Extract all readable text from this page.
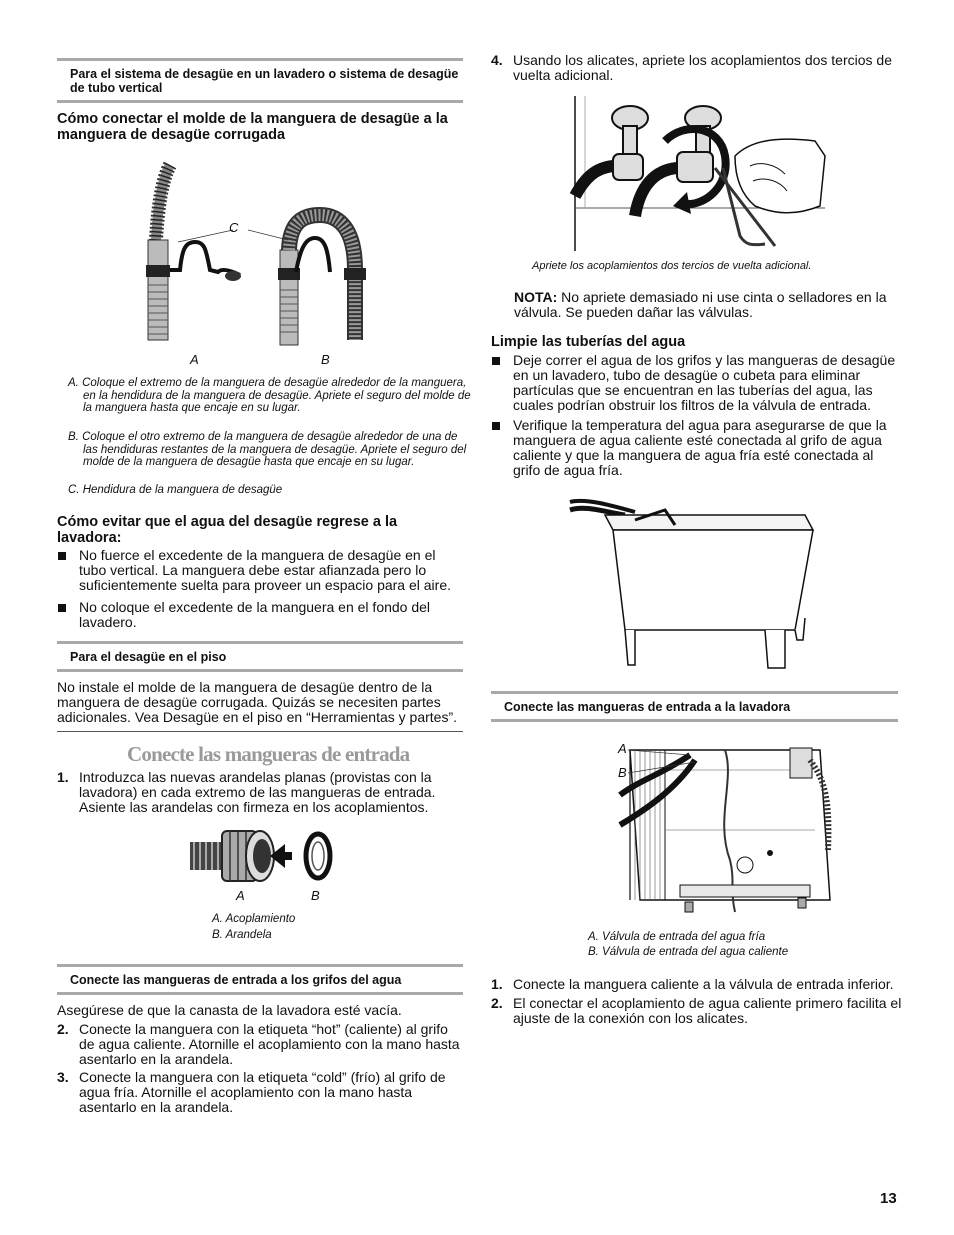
Para el sistema de desagüe en un lavadero o sistema de desagüe de tubo vertical
Cómo conectar el molde de la manguera de desagüe a la manguera de desagüe corrugada
C
A	B
A. Coloque el extremo de la manguera de desagüe alrededor de la manguera, en la hendidura de la manguera de desagüe. Apriete el seguro del molde de la manguera hasta que encaje en su lugar.
B. Coloque el otro extremo de la manguera de desagüe alrededor de una de las hendiduras restantes de la manguera de desagüe. Apriete el seguro del molde de la manguera de desagüe hasta que encaje en su lugar.
C. Hendidura de la manguera de desagüe
Cómo evitar que el agua del desagüe regrese a la lavadora:
No fuerce el excedente de la manguera de desagüe en el tubo vertical. La manguera debe estar afianzada pero lo suficientemente suelta para proveer un espacio para el aire.
No coloque el excedente de la manguera en el fondo del lavadero.
Para el desagüe en el piso
No instale el molde de la manguera de desagüe dentro de la manguera de desagüe corrugada. Quizás se necesiten partes adicionales. Vea Desagüe en el piso en “Herramientas y partes”.
Conecte las mangueras de entrada
1. Introduzca las nuevas arandelas planas (provistas con la lavadora) en cada extremo de las mangueras de entrada. Asiente las arandelas con firmeza en los acoplamientos.
A	B
A. Acoplamiento
B. Arandela
Conecte las mangueras de entrada a los grifos del agua
Asegúrese de que la canasta de la lavadora esté vacía.
2. Conecte la manguera con la etiqueta “hot” (caliente) al grifo de agua caliente. Atornille el acoplamiento con la mano hasta asentarlo en la arandela.
3. Conecte la manguera con la etiqueta “cold” (frío) al grifo de agua fría. Atornille el acoplamiento con la mano hasta asentarlo en la arandela.
4. Usando los alicates, apriete los acoplamientos dos tercios de vuelta adicional.
Apriete los acoplamientos dos tercios de vuelta adicional.
NOTA: No apriete demasiado ni use cinta o selladores en la válvula. Se pueden dañar las válvulas.
Limpie las tuberías del agua
Deje correr el agua de los grifos y las mangueras de desagüe en un lavadero, tubo de desagüe o cubeta para eliminar partículas que se encuentran en las tuberías del agua, las cuales podrían obstruir los filtros de la válvula de entrada.
Verifique la temperatura del agua para asegurarse de que la manguera de agua caliente esté conectada al grifo de agua caliente y que la manguera de agua fría esté conectada al grifo de agua fría.
Conecte las mangueras de entrada a la lavadora
A
B
A. Válvula de entrada del agua fría
B. Válvula de entrada del agua caliente
1. Conecte la manguera caliente a la válvula de entrada inferior.
2. El conectar el acoplamiento de agua caliente primero facilita el ajuste de la conexión con los alicates.
13
